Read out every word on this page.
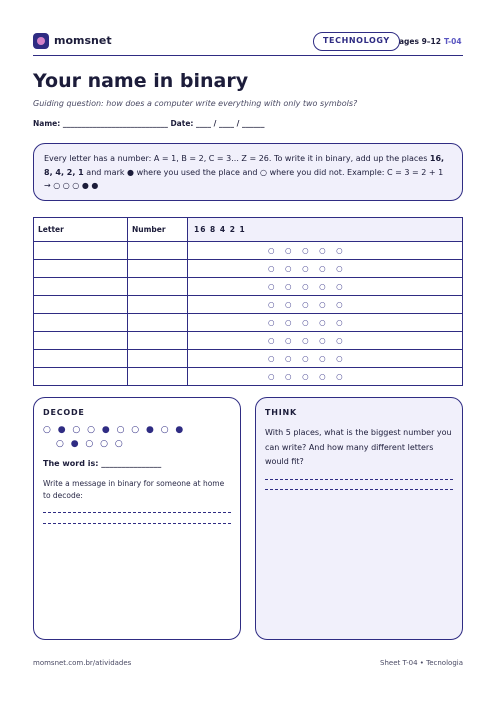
momsnet	TECHNOLOGY	ages 9–12 T-04
Your name in binary
Guiding question: how does a computer write everything with only two symbols?
Name: ____________________________ Date: ____ / ____ / ______
Every letter has a number: A = 1, B = 2, C = 3... Z = 26. To write it in binary, add up the places 16, 8, 4, 2, 1 and mark ● where you used the place and ○ where you did not. Example: C = 3 = 2 + 1 → ○ ○ ○ ● ●
Letter	Number	16 8 4 2 1
		○○○○○
		○○○○○
		○○○○○
		○○○○○
		○○○○○
		○○○○○
		○○○○○
		○○○○○
DECODE
○ ● ○ ○ ● ○ ○ ● ○ ●
○ ● ○ ○ ○
The word is: _______________
Write a message in binary for someone at home to decode:
THINK
With 5 places, what is the biggest number you can write? And how many different letters would fit?
momsnet.com.br/atividades	Sheet T-04 • Tecnologia
